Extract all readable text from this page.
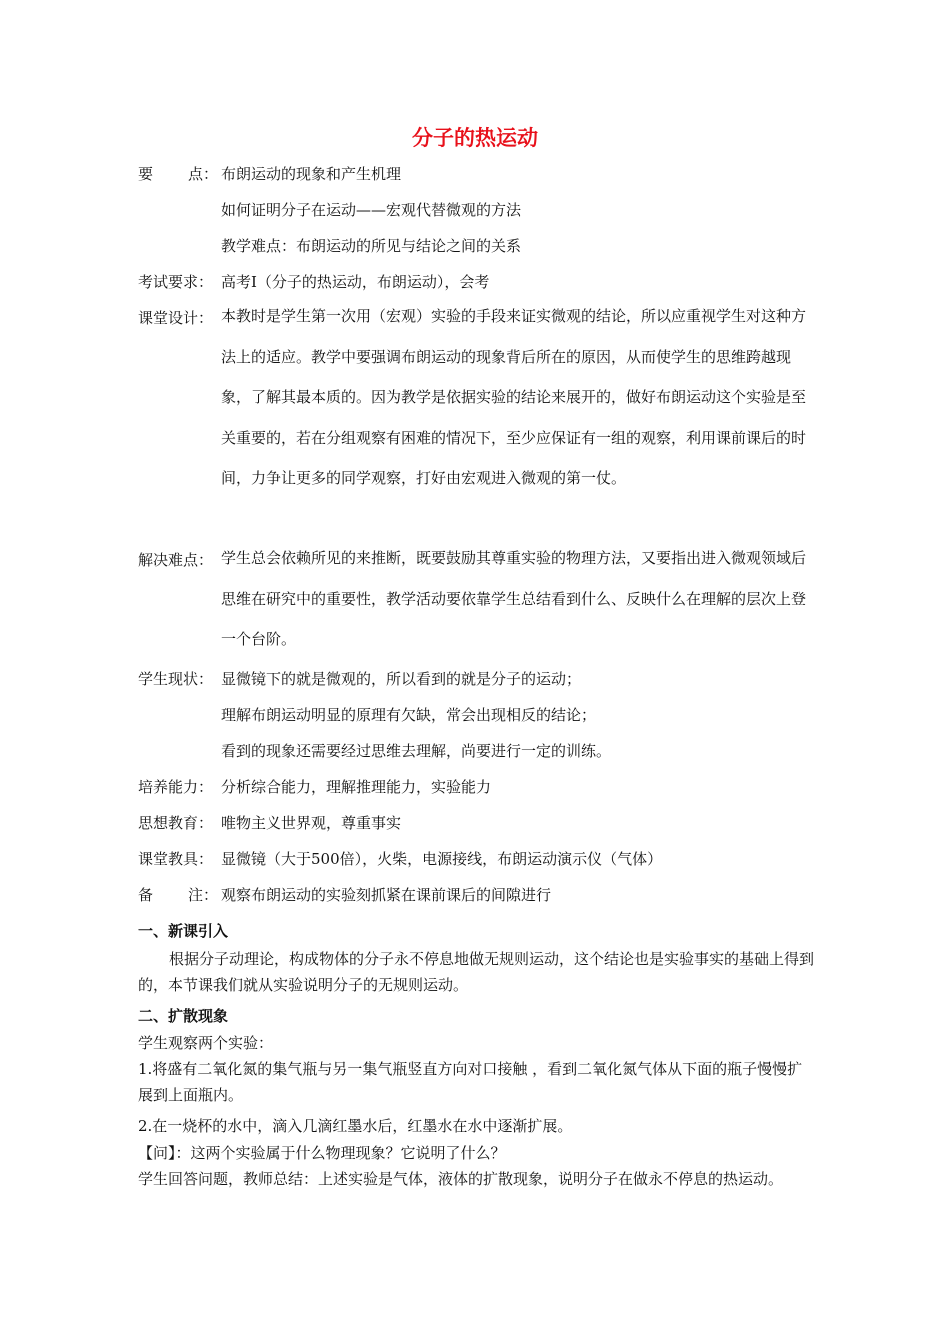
分子的热运动
要 点： 布朗运动的现象和产生机理
如何证明分子在运动——宏观代替微观的方法
教学难点：布朗运动的所见与结论之间的关系
考试要求： 高考Ⅰ（分子的热运动，布朗运动），会考
课堂设计： 本教时是学生第一次用（宏观）实验的手段来证实微观的结论，所以应重视学生对这种方法上的适应。教学中要强调布朗运动的现象背后所在的原因，从而使学生的思维跨越现象，了解其最本质的。因为教学是依据实验的结论来展开的，做好布朗运动这个实验是至关重要的，若在分组观察有困难的情况下，至少应保证有一组的观察，利用课前课后的时间，力争让更多的同学观察，打好由宏观进入微观的第一仗。
解决难点： 学生总会依赖所见的来推断，既要鼓励其尊重实验的物理方法，又要指出进入微观领域后思维在研究中的重要性，教学活动要依靠学生总结看到什么、反映什么在理解的层次上登一个台阶。
学生现状： 显微镜下的就是微观的，所以看到的就是分子的运动；
理解布朗运动明显的原理有欠缺，常会出现相反的结论；
看到的现象还需要经过思维去理解，尚要进行一定的训练。
培养能力： 分析综合能力，理解推理能力，实验能力
思想教育： 唯物主义世界观，尊重事实
课堂教具： 显微镜（大于500倍），火柴，电源接线，布朗运动演示仪（气体）
备 注： 观察布朗运动的实验刻抓紧在课前课后的间隙进行
一、新课引入
根据分子动理论，构成物体的分子永不停息地做无规则运动，这个结论也是实验事实的基础上得到的，本节课我们就从实验说明分子的无规则运动。
二、扩散现象
学生观察两个实验：
1.将盛有二氧化氮的集气瓶与另一集气瓶竖直方向对口接触 ，看到二氧化氮气体从下面的瓶子慢慢扩展到上面瓶内。
2.在一烧杯的水中，滴入几滴红墨水后，红墨水在水中逐渐扩展。
【问】：这两个实验属于什么物理现象？它说明了什么？
学生回答问题，教师总结：上述实验是气体，液体的扩散现象，说明分子在做永不停息的热运动。
